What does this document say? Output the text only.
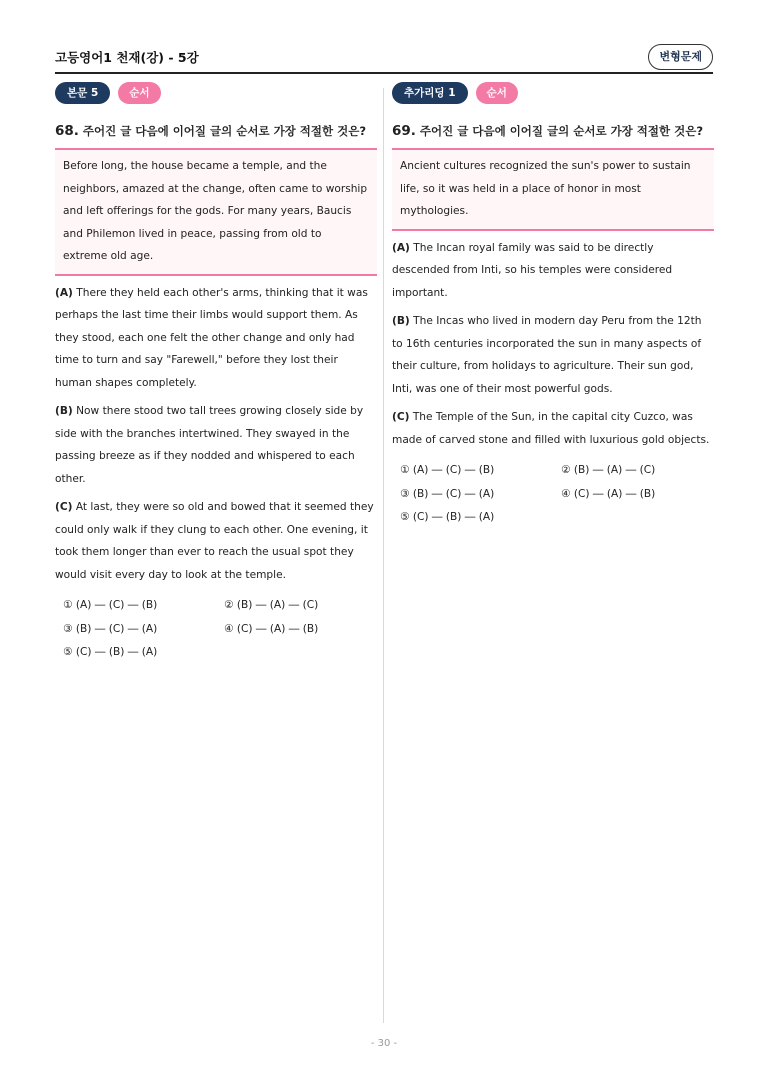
고등영어1 천재(강) - 5강	변형문제
본문 5	순서
68. 주어진 글 다음에 이어질 글의 순서로 가장 적절한 것은?
Before long, the house became a temple, and the neighbors, amazed at the change, often came to worship and left offerings for the gods. For many years, Baucis and Philemon lived in peace, passing from old to extreme old age.
(A) There they held each other's arms, thinking that it was perhaps the last time their limbs would support them. As they stood, each one felt the other change and only had time to turn and say "Farewell," before they lost their human shapes completely.
(B) Now there stood two tall trees growing closely side by side with the branches intertwined. They swayed in the passing breeze as if they nodded and whispered to each other.
(C) At last, they were so old and bowed that it seemed they could only walk if they clung to each other. One evening, it took them longer than ever to reach the usual spot they would visit every day to look at the temple.
① (A) ― (C) ― (B)	② (B) ― (A) ― (C)
③ (B) ― (C) ― (A)	④ (C) ― (A) ― (B)
⑤ (C) ― (B) ― (A)
추가리딩 1	순서
69. 주어진 글 다음에 이어질 글의 순서로 가장 적절한 것은?
Ancient cultures recognized the sun's power to sustain life, so it was held in a place of honor in most mythologies.
(A) The Incan royal family was said to be directly descended from Inti, so his temples were considered important.
(B) The Incas who lived in modern day Peru from the 12th to 16th centuries incorporated the sun in many aspects of their culture, from holidays to agriculture. Their sun god, Inti, was one of their most powerful gods.
(C) The Temple of the Sun, in the capital city Cuzco, was made of carved stone and filled with luxurious gold objects.
① (A) ― (C) ― (B)	② (B) ― (A) ― (C)
③ (B) ― (C) ― (A)	④ (C) ― (A) ― (B)
⑤ (C) ― (B) ― (A)
- 30 -
